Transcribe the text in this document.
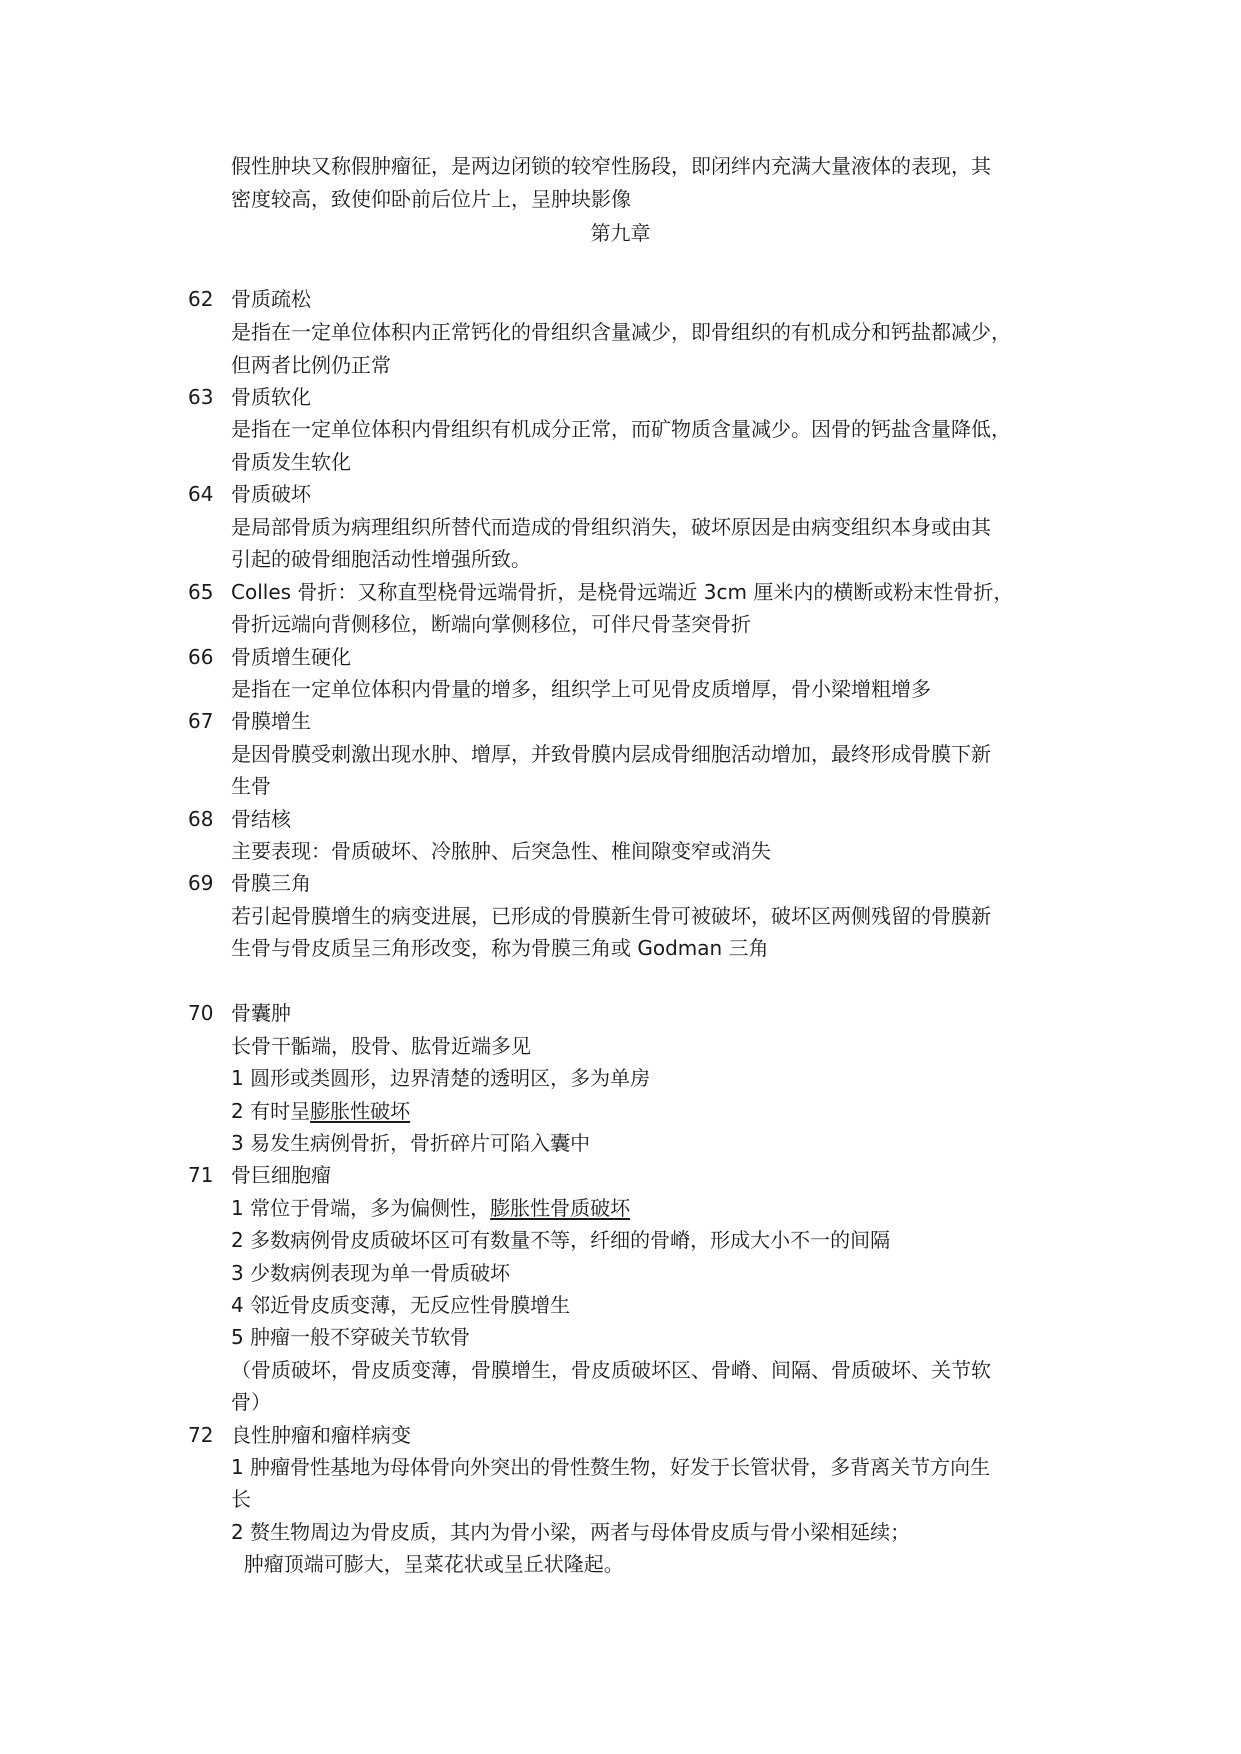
假性肿块又称假肿瘤征，是两边闭锁的较窄性肠段，即闭绊内充满大量液体的表现，其
密度较高，致使仰卧前后位片上，呈肿块影像
第九章
62 骨质疏松
是指在一定单位体积内正常钙化的骨组织含量减少，即骨组织的有机成分和钙盐都减少，
但两者比例仍正常
63 骨质软化
是指在一定单位体积内骨组织有机成分正常，而矿物质含量减少。因骨的钙盐含量降低，
骨质发生软化
64 骨质破坏
是局部骨质为病理组织所替代而造成的骨组织消失，破坏原因是由病变组织本身或由其
引起的破骨细胞活动性增强所致。
65 Colles 骨折：又称直型桡骨远端骨折，是桡骨远端近 3cm 厘米内的横断或粉末性骨折，
骨折远端向背侧移位，断端向掌侧移位，可伴尺骨茎突骨折
66 骨质增生硬化
是指在一定单位体积内骨量的增多，组织学上可见骨皮质增厚，骨小梁增粗增多
67 骨膜增生
是因骨膜受刺激出现水肿、增厚，并致骨膜内层成骨细胞活动增加，最终形成骨膜下新
生骨
68 骨结核
主要表现：骨质破坏、冷脓肿、后突急性、椎间隙变窄或消失
69 骨膜三角
若引起骨膜增生的病变进展，已形成的骨膜新生骨可被破坏，破坏区两侧残留的骨膜新
生骨与骨皮质呈三角形改变，称为骨膜三角或 Godman 三角
70 骨囊肿
长骨干骺端，股骨、肱骨近端多见
1 圆形或类圆形，边界清楚的透明区，多为单房
2 有时呈膨胀性破坏
3 易发生病例骨折，骨折碎片可陷入囊中
71 骨巨细胞瘤
1 常位于骨端，多为偏侧性，膨胀性骨质破坏
2 多数病例骨皮质破坏区可有数量不等，纤细的骨嵴，形成大小不一的间隔
3 少数病例表现为单一骨质破坏
4 邻近骨皮质变薄，无反应性骨膜增生
5 肿瘤一般不穿破关节软骨
（骨质破坏，骨皮质变薄，骨膜增生，骨皮质破坏区、骨嵴、间隔、骨质破坏、关节软
骨）
72 良性肿瘤和瘤样病变
1 肿瘤骨性基地为母体骨向外突出的骨性赘生物，好发于长管状骨，多背离关节方向生
长
2 赘生物周边为骨皮质，其内为骨小梁，两者与母体骨皮质与骨小梁相延续；
肿瘤顶端可膨大，呈菜花状或呈丘状隆起。
